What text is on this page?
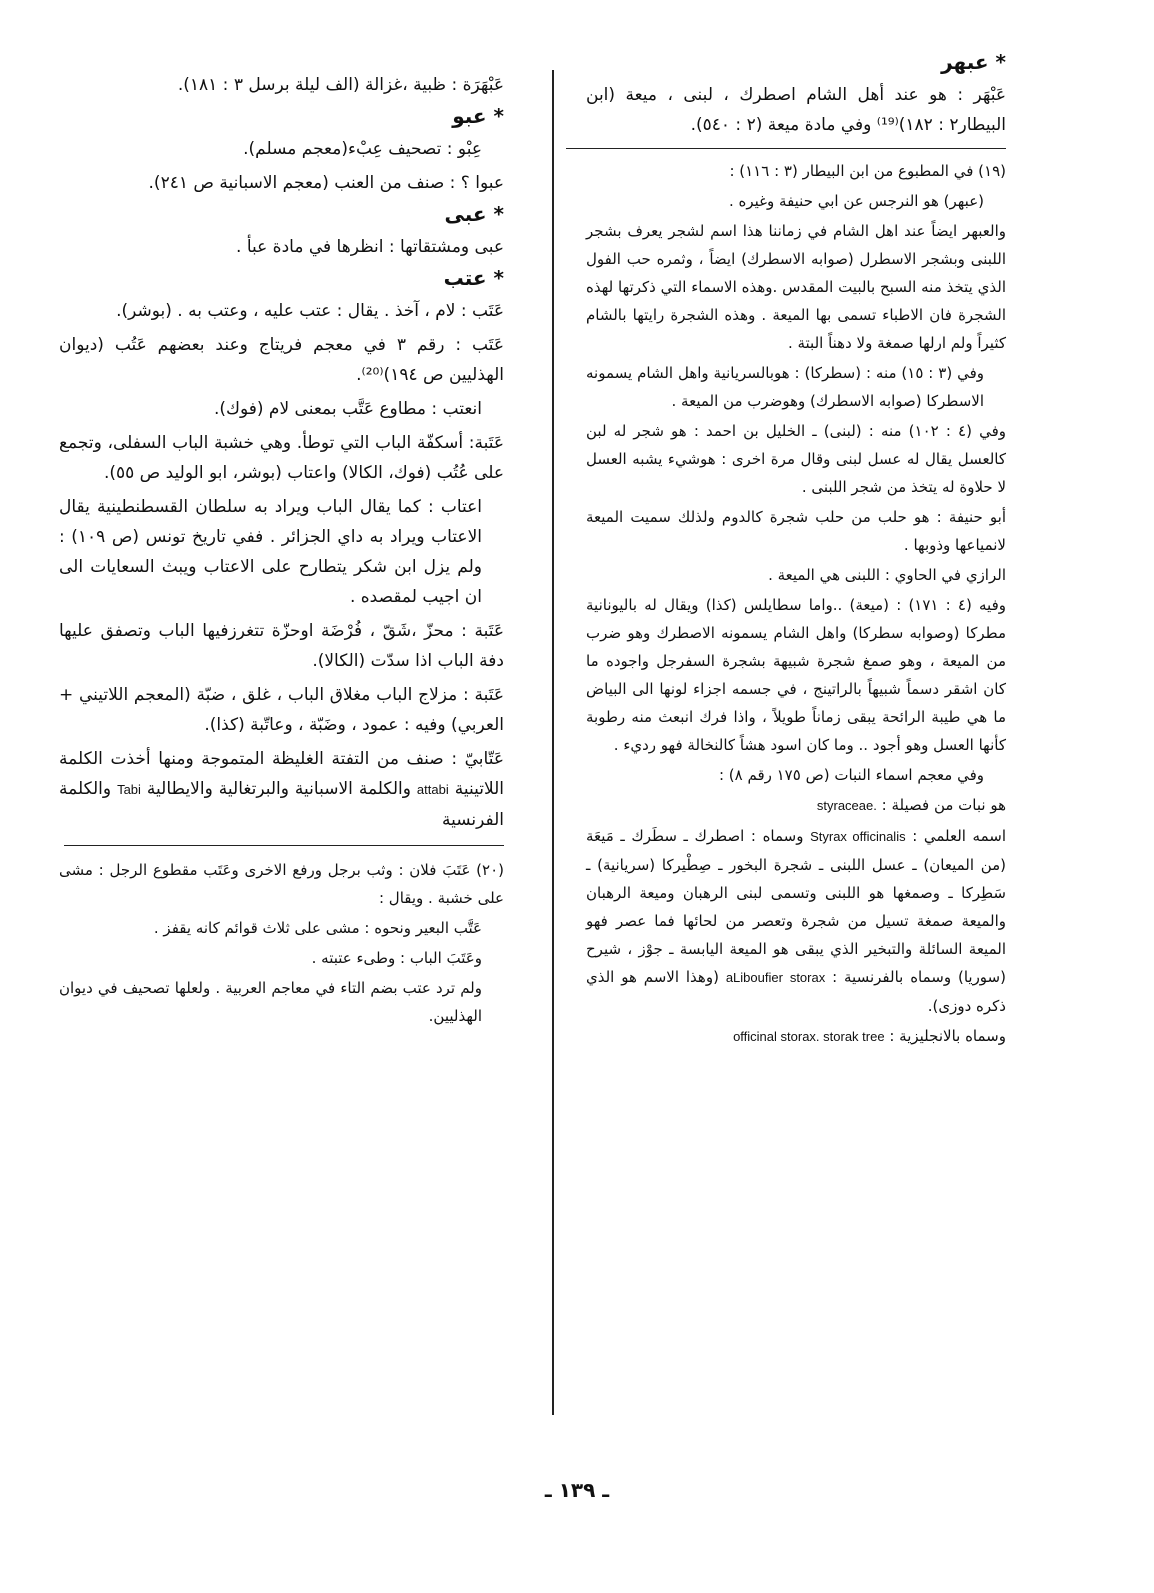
* عبهر

عَبْهَر : هو عند أهل الشام اصطرك ، لبنى ، ميعة (ابن البيطار٢ : ١٨٢)⁽¹⁹⁾ وفي مادة ميعة (٢ : ٥٤٠).

(١٩) في المطبوع من ابن البيطار (٣ : ١١٦) :

(عبهر) هو النرجس عن ابي حنيفة وغيره .

والعبهر ايضاً عند اهل الشام في زماننا هذا اسم لشجر يعرف بشجر اللبنى وبشجر الاسطرل (صوابه الاسطرك) ايضاً ، وثمره حب الفول الذي يتخذ منه السبح بالبيت المقدس .وهذه الاسماء التي ذكرتها لهذه الشجرة فان الاطباء تسمى بها الميعة . وهذه الشجرة رايتها بالشام كثيراً ولم ارلها صمغة ولا دهناً البتة .

وفي (٣ : ١٥) منه : (سطركا) : هوبالسريانية واهل الشام يسمونه الاسطركا (صوابه الاسطرك) وهوضرب من الميعة .

وفي (٤ : ١٠٢) منه : (لبنى) ـ الخليل بن احمد : هو شجر له لبن كالعسل يقال له عسل لبنى وقال مرة اخرى : هوشيء يشبه العسل لا حلاوة له يتخذ من شجر اللبنى .

أبو حنيفة : هو حلب من حلب شجرة كالدوم ولذلك سميت الميعة لانمياعها وذوبها .

الرازي في الحاوي : اللبنى هي الميعة .

وفيه (٤ : ١٧١) : (ميعة) ..واما سطايلس (كذا) ويقال له باليونانية مطركا (وصوابه سطركا) واهل الشام يسمونه الاصطرك وهو ضرب من الميعة ، وهو صمغ شجرة شبيهة بشجرة السفرجل واجوده ما كان اشقر دسماً شبيهاً بالراتينج ، في جسمه اجزاء لونها الى البياض ما هي طيبة الرائحة يبقى زماناً طويلاً ، واذا فرك انبعث منه رطوبة كأنها العسل وهو أجود .. وما كان اسود هشاً كالنخالة فهو رديء .

وفي معجم اسماء النبات (ص ١٧٥ رقم ٨) :

هو نبات من فصيلة : styraceae.

اسمه العلمي : Styrax officinalis وسماه : اصطرك ـ سطَرك ـ مَيعَة (من الميعان) ـ عسل اللبنى ـ شجرة البخور ـ صِطْيركا (سريانية) ـ سَطِرکا ـ وصمغها هو اللبنى وتسمى لبنى الرهبان وميعة الرهبان والميعة صمغة تسيل من شجرة وتعصر من لحائها فما عصر فهو الميعة السائلة والتبخير الذي يبقى هو الميعة اليابسة ـ جوْز ، شيرح (سوريا) وسماه بالفرنسية : aLiboufier storax (وهذا الاسم هو الذي ذكره دوزی).

وسماه بالانجليزية : officinal storax. storak tree

عَبْهَرَة : ظبية ،غزالة (الف ليلة برسل ٣ : ١٨١).

* عبو

عِبْو : تصحيف عِبْء(معجم مسلم).

عبوا ؟ : صنف من العنب (معجم الاسبانية ص ٢٤١).

* عبى

عبى ومشتقاتها : انظرها في مادة عبأ .

* عتب

عَتَب : لام ، آخذ . يقال : عتب عليه ، وعتب به . (بوشر).

عَتَب : رقم ٣ في معجم فريتاج وعند بعضهم عَتُب (ديوان الهذليين ص ١٩٤)⁽²⁰⁾.

انعتب : مطاوع عَتَّب بمعنى لام (فوك).

عَتَبة: أسكفّة الباب التي توطأ. وهي خشبة الباب السفلى، وتجمع على عُتُب (فوك، الكالا) واعتاب (بوشر، ابو الوليد ص ٥٥).

اعتاب : كما يقال الباب ويراد به سلطان القسطنطينية يقال الاعتاب ويراد به داي الجزائر . ففي تاريخ تونس (ص ١٠٩) : ولم يزل ابن شكر يتطارح على الاعتاب ويبث السعايات الى ان اجيب لمقصده .

عَتَبة : محزّ ،شَقّ ، فُرْضَة اوحزّة تتغرزفيها الباب وتصفق عليها دفة الباب اذا سدّت (الكالا).

عَتَبة : مزلاج الباب مغلاق الباب ، غلق ، ضبّة (المعجم اللاتيني + العربي) وفيه : عمود ، وضَبّة ، وعاتّبة (كذا).

عَتّابيّ : صنف من التفتة الغليظة المتموجة ومنها أخذت الكلمة اللاتينية attabi والكلمة الاسبانية والبرتغالية والايطالية Tabi والكلمة الفرنسية

(٢٠) عَتَبَ فلان : وثب برجل ورفع الاخرى وعَتَب مقطوع الرجل : مشى على خشبة . ويقال :

عَتَّب البعير ونحوه : مشى على ثلاث قوائم كانه يقفز .

وعَتَبَ الباب : وطىء عتبته .

ولم ترد عتب بضم التاء في معاجم العربية . ولعلها تصحيف في ديوان الهذليين.

ـ ١٣٩ ـ
